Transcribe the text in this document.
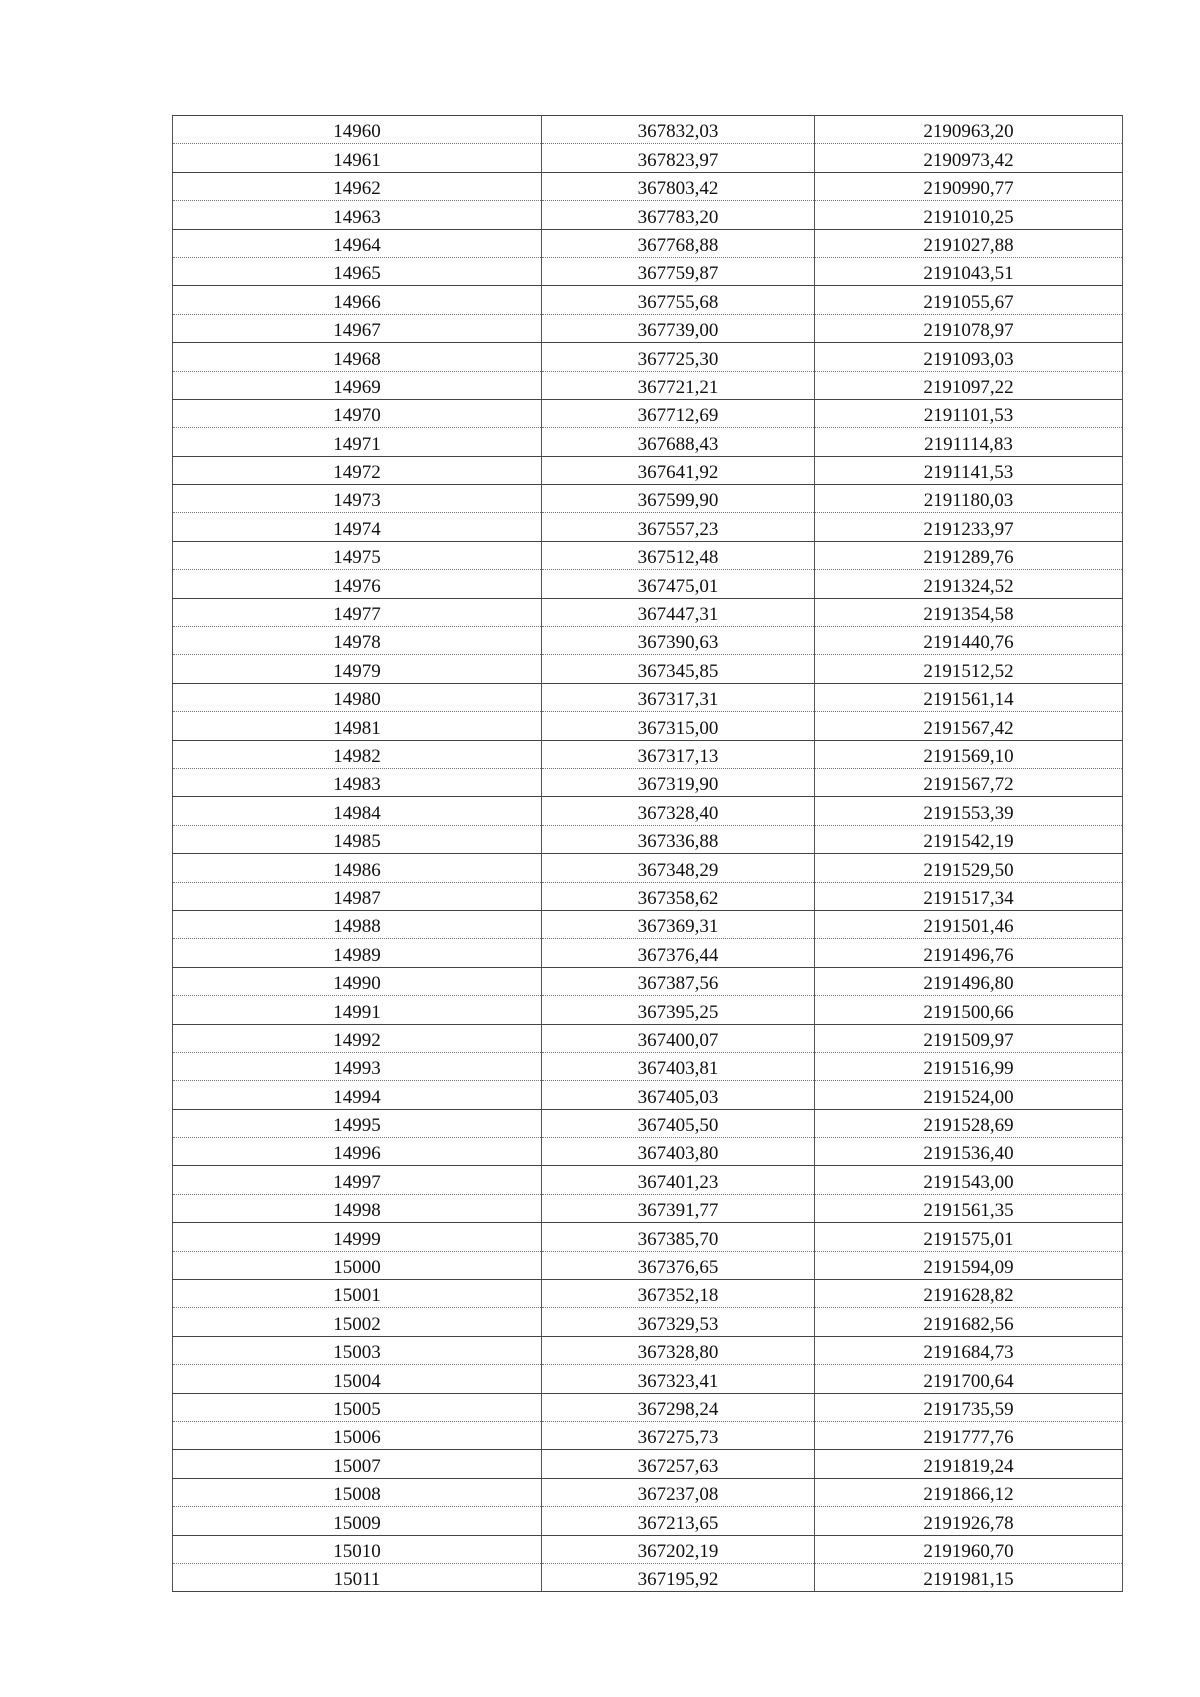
14960	367832,03	2190963,20
14961	367823,97	2190973,42
14962	367803,42	2190990,77
14963	367783,20	2191010,25
14964	367768,88	2191027,88
14965	367759,87	2191043,51
14966	367755,68	2191055,67
14967	367739,00	2191078,97
14968	367725,30	2191093,03
14969	367721,21	2191097,22
14970	367712,69	2191101,53
14971	367688,43	2191114,83
14972	367641,92	2191141,53
14973	367599,90	2191180,03
14974	367557,23	2191233,97
14975	367512,48	2191289,76
14976	367475,01	2191324,52
14977	367447,31	2191354,58
14978	367390,63	2191440,76
14979	367345,85	2191512,52
14980	367317,31	2191561,14
14981	367315,00	2191567,42
14982	367317,13	2191569,10
14983	367319,90	2191567,72
14984	367328,40	2191553,39
14985	367336,88	2191542,19
14986	367348,29	2191529,50
14987	367358,62	2191517,34
14988	367369,31	2191501,46
14989	367376,44	2191496,76
14990	367387,56	2191496,80
14991	367395,25	2191500,66
14992	367400,07	2191509,97
14993	367403,81	2191516,99
14994	367405,03	2191524,00
14995	367405,50	2191528,69
14996	367403,80	2191536,40
14997	367401,23	2191543,00
14998	367391,77	2191561,35
14999	367385,70	2191575,01
15000	367376,65	2191594,09
15001	367352,18	2191628,82
15002	367329,53	2191682,56
15003	367328,80	2191684,73
15004	367323,41	2191700,64
15005	367298,24	2191735,59
15006	367275,73	2191777,76
15007	367257,63	2191819,24
15008	367237,08	2191866,12
15009	367213,65	2191926,78
15010	367202,19	2191960,70
15011	367195,92	2191981,15
